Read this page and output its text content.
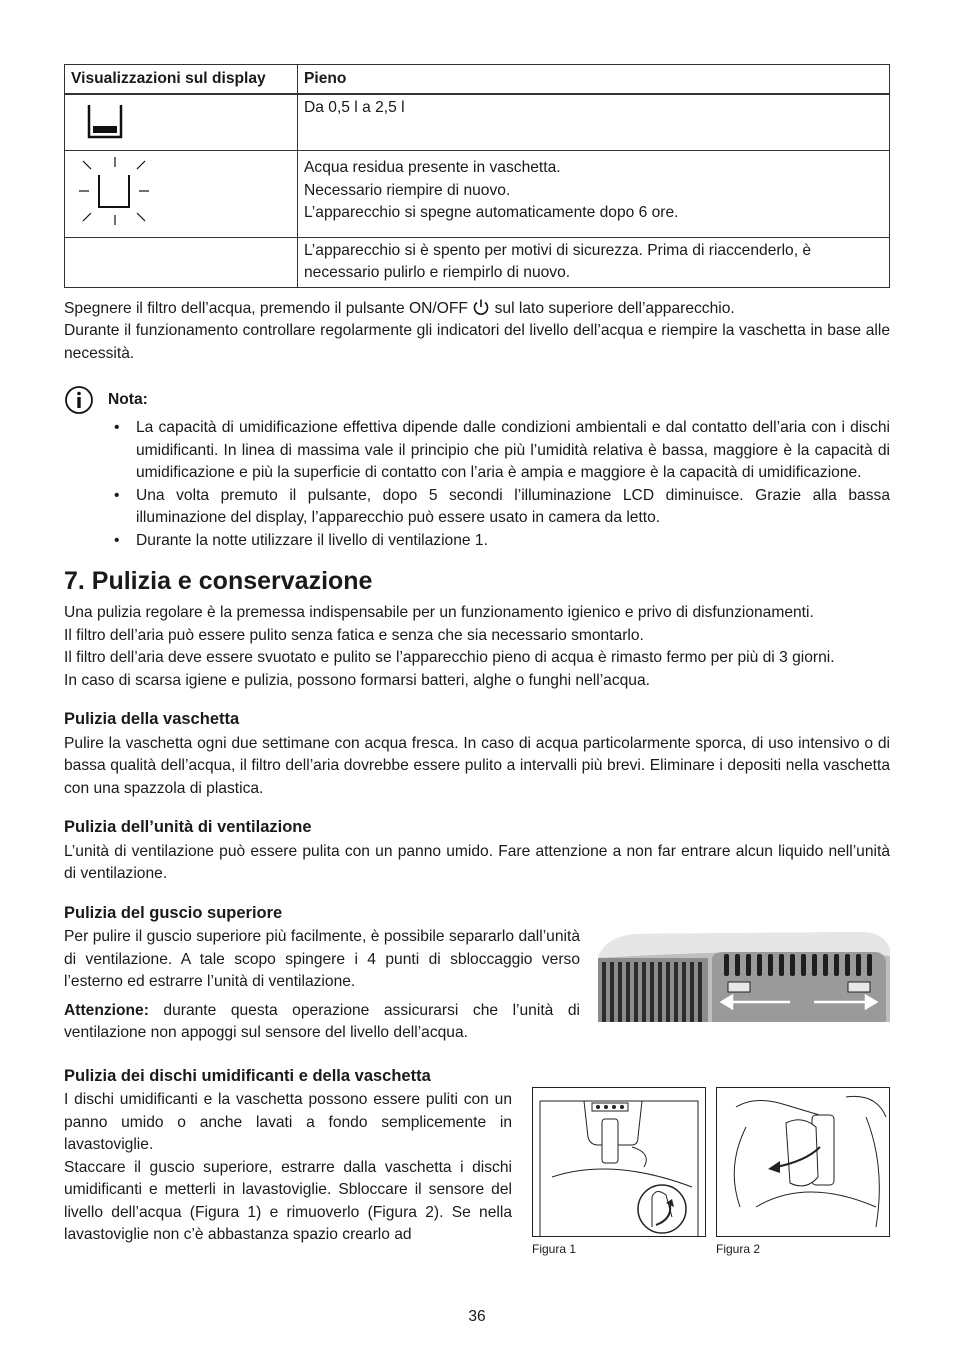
Visualizzazioni sul display	Pieno

Da 0,5 l a 2,5 l

Acqua residua presente in vaschetta.
Necessario riempire di nuovo.
L’apparecchio si spegne automaticamente dopo 6 ore.

	L’apparecchio si è spento per motivi di sicurezza. Prima di riaccenderlo, è necessario pulirlo e riempirlo di nuovo.

Spegnere il filtro dell’acqua, premendo il pulsante ON/OFF sul lato superiore dell’apparecchio.

Durante il funzionamento controllare regolarmente gli indicatori del livello dell’acqua e riempire la vaschetta in base alle necessità.

Nota:
• La capacità di umidificazione effettiva dipende dalle condizioni ambientali e dal contatto dell’aria con i dischi umidificanti. In linea di massima vale il principio che più l’umidità relativa è bassa, maggiore è la capacità di umidificazione e più la superficie di contatto con l’aria è ampia e maggiore è la capacità di umidificazione.
• Una volta premuto il pulsante, dopo 5 secondi l’illuminazione LCD diminuisce. Grazie alla bassa illuminazione del display, l’apparecchio può essere usato in camera da letto.
• Durante la notte utilizzare il livello di ventilazione 1.
7. Pulizia e conservazione

Una pulizia regolare è la premessa indispensabile per un funzionamento igienico e privo di disfunzionamenti.

Il filtro dell’aria può essere pulito senza fatica e senza che sia necessario smontarlo.

Il filtro dell’aria deve essere svuotato e pulito se l’apparecchio pieno di acqua è rimasto fermo per più di 3 giorni.

In caso di scarsa igiene e pulizia, possono formarsi batteri, alghe o funghi nell’acqua.

Pulizia della vaschetta

Pulire la vaschetta ogni due settimane con acqua fresca. In caso di acqua particolarmente sporca, di uso intensivo o di bassa qualità dell’acqua, il filtro dell’aria dovrebbe essere pulito a intervalli più brevi. Eliminare i depositi nella vaschetta con una spazzola di plastica.

Pulizia dell’unità di ventilazione

L’unità di ventilazione può essere pulita con un panno umido. Fare attenzione a non far entrare alcun liquido nell’unità di ventilazione.

Pulizia del guscio superiore

Per pulire il guscio superiore più facilmente, è possibile separarlo dall’unità di ventilazione. A tale scopo spingere i 4 punti di sbloccaggio verso l’esterno ed estrarre l’unità di ventilazione.

Attenzione: durante questa operazione assicurarsi che l’unità di ventilazione non appoggi sul sensore del livello dell’acqua.

Pulizia dei dischi umidificanti e della vaschetta

I dischi umidificanti e la vaschetta possono essere puliti con un panno umido o anche lavati a fondo semplicemente in lavastoviglie.

Staccare il guscio superiore, estrarre dalla vaschetta i dischi umidificanti e metterli in lavastoviglie. Sbloccare il sensore del livello dell’acqua (Figura 1) e rimuoverlo (Figura 2). Se nella lavastoviglie non c’è abbastanza spazio crearlo ad

Figura 1	Figura 2
36
